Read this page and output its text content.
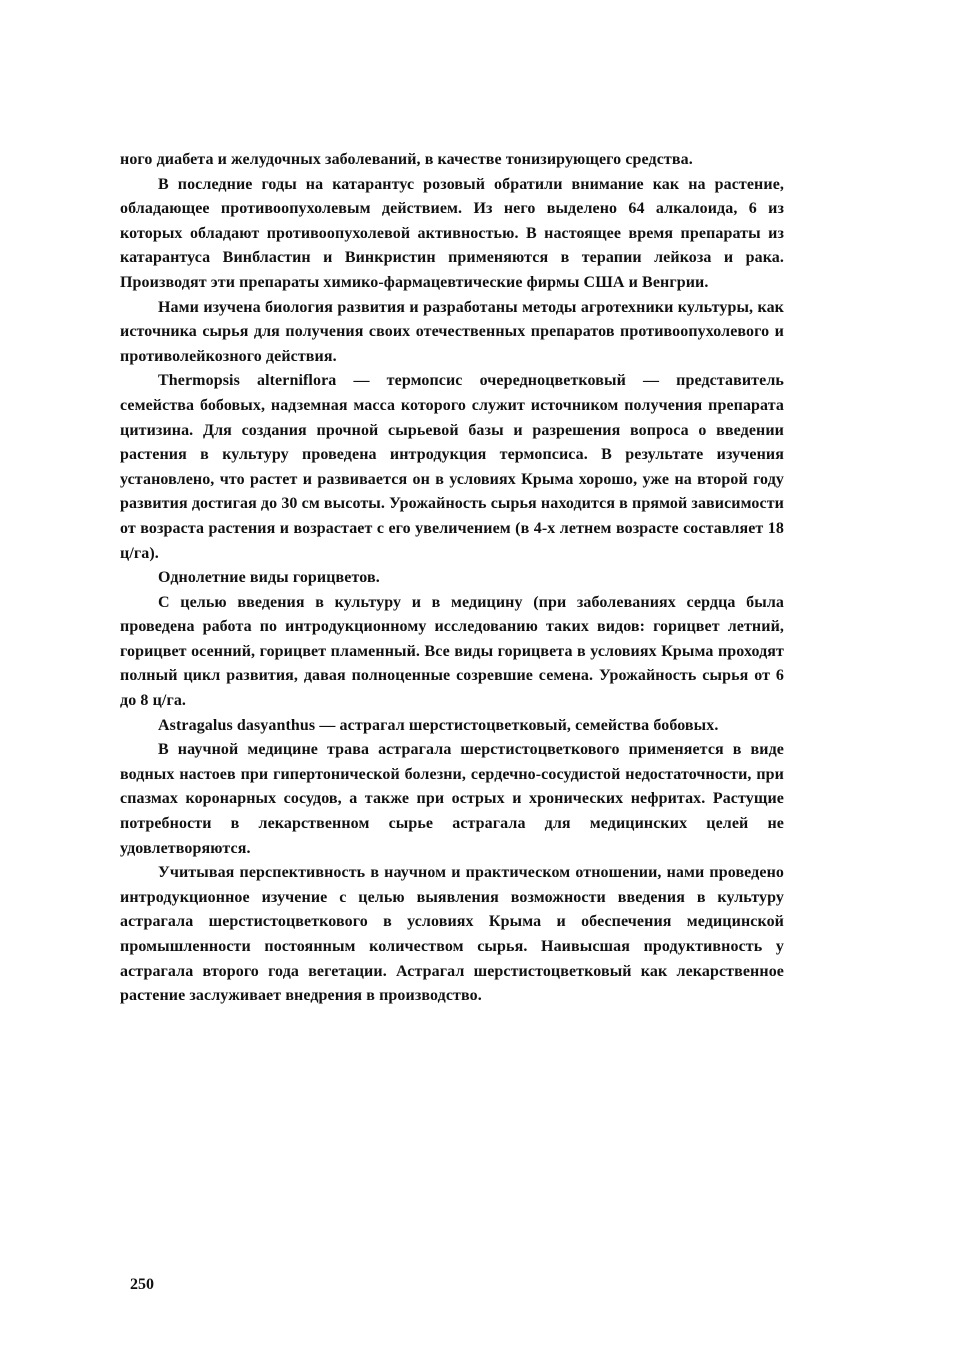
ного диабета и желудочных заболеваний, в качестве тонизирующего средства.

В последние годы на катарантус розовый обратили внимание как на растение, обладающее противоопухолевым действием. Из него выделено 64 алкалоида, 6 из которых обладают противоопухолевой активностью. В настоящее время препараты из катарантуса Винбластин и Винкристин применяются в терапии лейкоза и рака. Производят эти препараты химико-фармацевтические фирмы США и Венгрии.

Нами изучена биология развития и разработаны методы агротехники культуры, как источника сырья для получения своих отечественных препаратов противоопухолевого и противолейкозного действия.

Thermopsis alterniflora — термопсис очередноцветковый — представитель семейства бобовых, надземная масса которого служит источником получения препарата цитизина. Для создания прочной сырьевой базы и разрешения вопроса о введении растения в культуру проведена интродукция термопсиса. В результате изучения установлено, что растет и развивается он в условиях Крыма хорошо, уже на второй году развития достигая до 30 см высоты. Урожайность сырья находится в прямой зависимости от возраста растения и возрастает с его увеличением (в 4-х летнем возрасте составляет 18 ц/га).

Однолетние виды горицветов.

С целью введения в культуру и в медицину (при заболеваниях сердца была проведена работа по интродукционному исследованию таких видов: горицвет летний, горицвет осенний, горицвет пламенный. Все виды горицвета в условиях Крыма проходят полный цикл развития, давая полноценные созревшие семена. Урожайность сырья от 6 до 8 ц/га.

Astragalus dasyanthus — астрагал шерстистоцветковый, семейства бобовых.

В научной медицине трава астрагала шерстистоцветкового применяется в виде водных настоев при гипертонической болезни, сердечно-сосудистой недостаточности, при спазмах коронарных сосудов, а также при острых и хронических нефритах. Растущие потребности в лекарственном сырье астрагала для медицинских целей не удовлетворяются.

Учитывая перспективность в научном и практическом отношении, нами проведено интродукционное изучение с целью выявления возможности введения в культуру астрагала шерстистоцветкового в условиях Крыма и обеспечения медицинской промышленности постоянным количеством сырья. Наивысшая продуктивность у астрагала второго года вегетации. Астрагал шерстистоцветковый как лекарственное растение заслуживает внедрения в производство.

250
